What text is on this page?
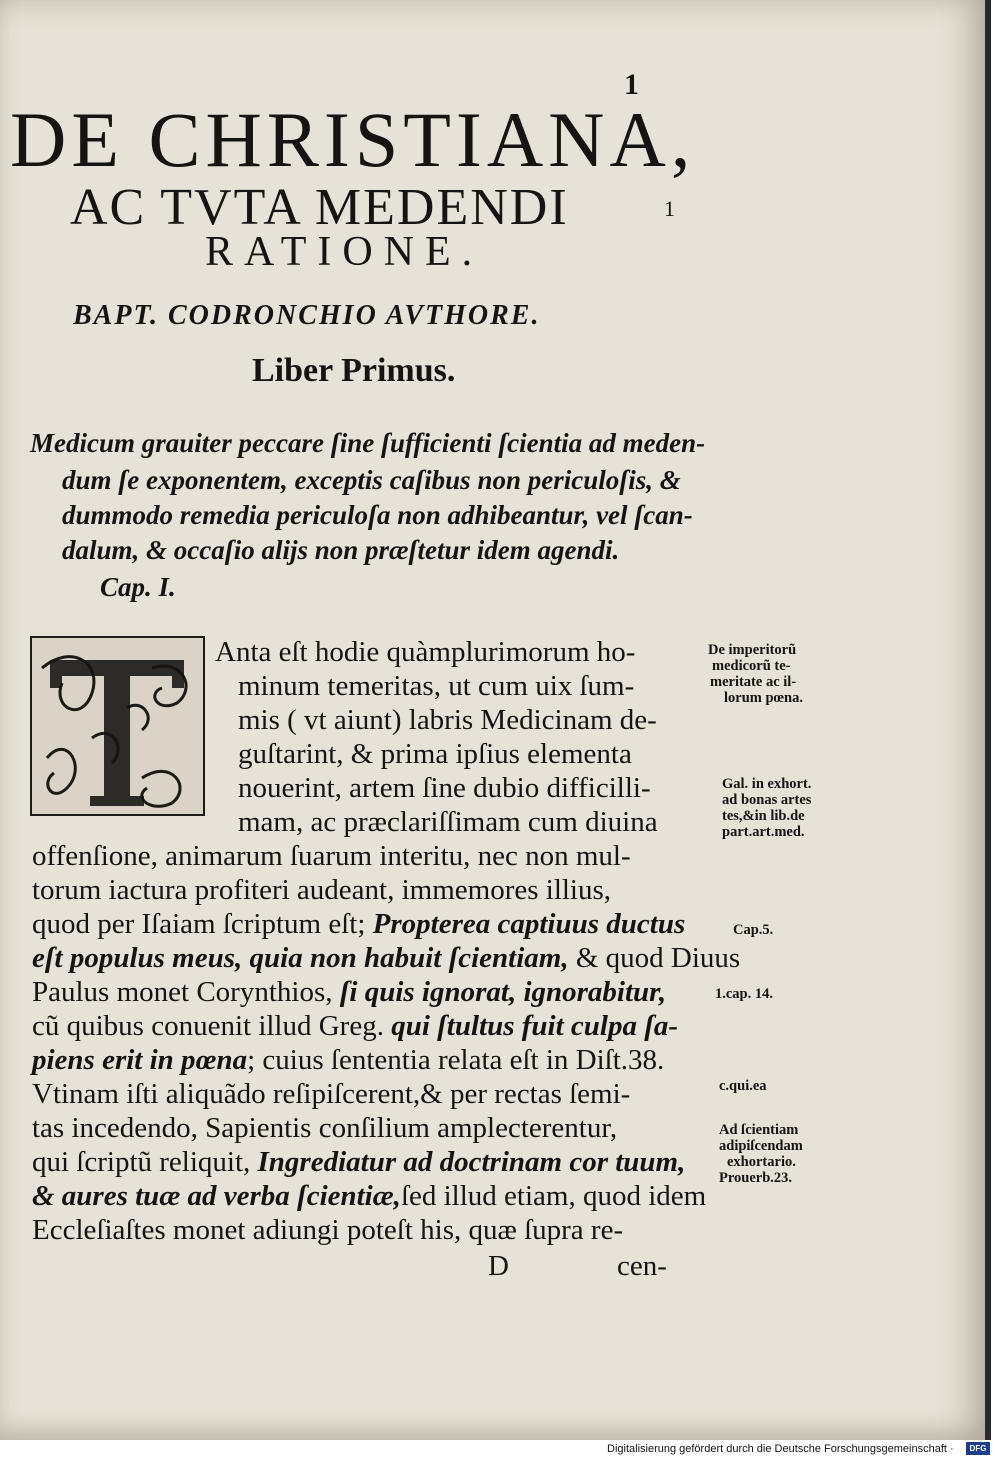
1
DE CHRISTIANA,
AC TVTA MEDENDI	1
RATIONE.
BAPT. CODRONCHIO AVTHORE.
Liber Primus.
Medicum grauiter peccare ſine ſufficienti ſcientia ad meden-
dum ſe exponentem, exceptis caſibus non periculoſis, &
dummodo remedia periculoſa non adhibeantur, vel ſcan-
dalum, & occaſio alijs non præſtetur idem agendi.
Cap. I.
Anta eſt hodie quàmplurimorum ho-
minum temeritas, ut cum uix ſum-
mis ( vt aiunt) labris Medicinam de-
guſtarint, & prima ipſius elementa
nouerint, artem ſine dubio difficilli-
mam, ac præclariſſimam cum diuina
offenſione, animarum ſuarum interitu, nec non mul-
torum iactura profiteri audeant, immemores illius,
quod per Iſaiam ſcriptum eſt; Propterea captiuus ductus
eſt populus meus, quia non habuit ſcientiam, & quod Diuus
Paulus monet Corynthios, ſi quis ignorat, ignorabitur,
cũ quibus conuenit illud Greg. qui ſtultus fuit culpa ſa-
piens erit in pœna; cuius ſententia relata eſt in Diſt.38.
Vtinam iſti aliquãdo reſipiſcerent,& per rectas ſemi-
tas incedendo, Sapientis conſilium amplecterentur,
qui ſcriptũ reliquit, Ingrediatur ad doctrinam cor tuum,
& aures tuæ ad verba ſcientiæ,ſed illud etiam, quod idem
Eccleſiaſtes monet adiungi poteſt his, quæ ſupra re-
D	cen-
De imperitorũ
medicorũ te-
meritate ac il-
lorum pœna.
Gal. in exhort.
ad bonas artes
tes,&in lib.de
part.art.med.
Cap.5.
1.cap. 14.
c.qui.ea
Ad ſcientiam
adipiſcendam
exhortario.
Prouerb.23.
Digitalisierung gefördert durch die Deutsche Forschungsgemeinschaft ·	DFG
